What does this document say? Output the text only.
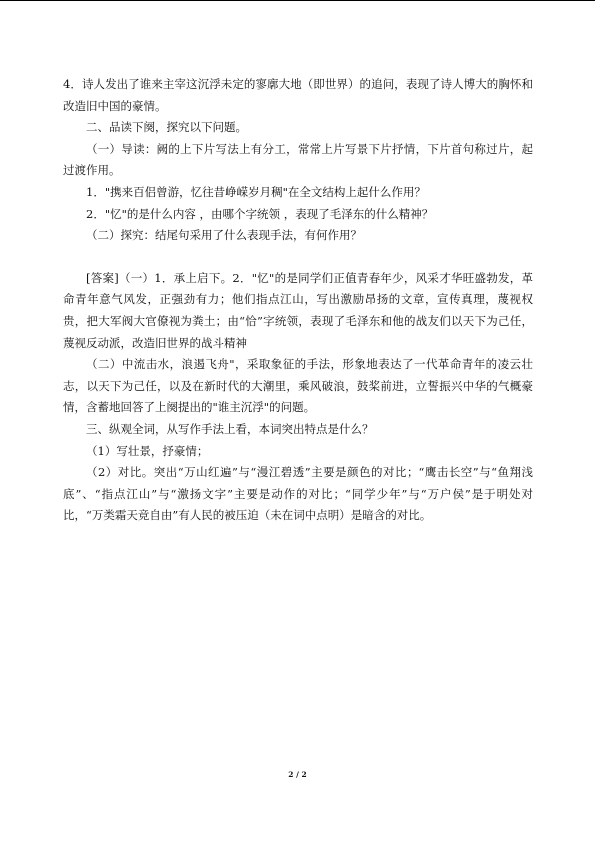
4．诗人发出了谁来主宰这沉浮未定的寥廓大地（即世界）的追问，表现了诗人博大的胸怀和改造旧中国的豪情。

二、品读下阕，探究以下问题。

（一）导读：阙的上下片写法上有分工，常常上片写景下片抒情，下片首句称过片，起过渡作用。

1．"携来百侣曾游，忆往昔峥嵘岁月稠"在全文结构上起什么作用？

2．"忆"的是什么内容 ，由哪个字统领 ，表现了毛泽东的什么精神？

（二）探究：结尾句采用了什么表现手法，有何作用？

[答案]（一）1．承上启下。2．"忆"的是同学们正值青春年少，风采才华旺盛勃发，革命青年意气风发，正强劲有力；他们指点江山，写出激励昂扬的文章，宣传真理，蔑视权贵，把大军阀大官僚视为粪土；由“恰”字统领，表现了毛泽东和他的战友们以天下为己任，蔑视反动派，改造旧世界的战斗精神

（二）中流击水，浪遏飞舟"，采取象征的手法，形象地表达了一代革命青年的凌云壮志，以天下为己任，以及在新时代的大潮里，乘风破浪，鼓桨前进，立誓振兴中华的气概豪情，含蓄地回答了上阕提出的"谁主沉浮"的问题。

三、纵观全词，从写作手法上看，本词突出特点是什么？

（1）写壮景，抒豪情；

（2）对比。突出“万山红遍”与“漫江碧透”主要是颜色的对比；“鹰击长空”与“鱼翔浅底”、“指点江山”与“激扬文字”主要是动作的对比；“同学少年”与“万户侯”是于明处对比，“万类霜天竞自由”有人民的被压迫（未在词中点明）是暗含的对比。

2 / 2
